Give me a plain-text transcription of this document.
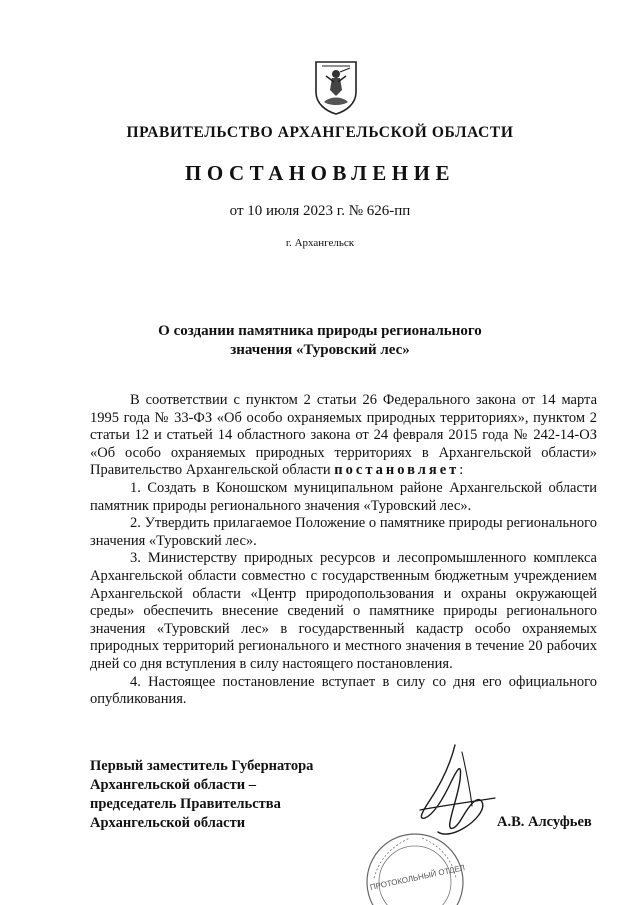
ПРАВИТЕЛЬСТВО АРХАНГЕЛЬСКОЙ ОБЛАСТИ
ПОСТАНОВЛЕНИЕ
от 10 июля 2023 г. № 626-пп
г. Архангельск
О создании памятника природы регионального
значения «Туровский лес»

В соответствии с пунктом 2 статьи 26 Федерального закона от 14 марта 1995 года № 33-ФЗ «Об особо охраняемых природных территориях», пунктом 2 статьи 12 и статьей 14 областного закона от 24 февраля 2015 года № 242-14-ОЗ «Об особо охраняемых природных территориях в Архангельской области» Правительство Архангельской области постановляет:

1. Создать в Коношском муниципальном районе Архангельской области памятник природы регионального значения «Туровский лес».

2. Утвердить прилагаемое Положение о памятнике природы регионального значения «Туровский лес».

3. Министерству природных ресурсов и лесопромышленного комплекса Архангельской области совместно с государственным бюджетным учреждением Архангельской области «Центр природопользования и охраны окружающей среды» обеспечить внесение сведений о памятнике природы регионального значения «Туровский лес» в государственный кадастр особо охраняемых природных территорий регионального и местного значения в течение 20 рабочих дней со дня вступления в силу настоящего постановления.

4. Настоящее постановление вступает в силу со дня его официального опубликования.

Первый заместитель Губернатора
Архангельской области –
председатель Правительства
Архангельской области	А.В. Алсуфьев
ПРОТОКОЛЬНЫЙ ОТДЕЛ
